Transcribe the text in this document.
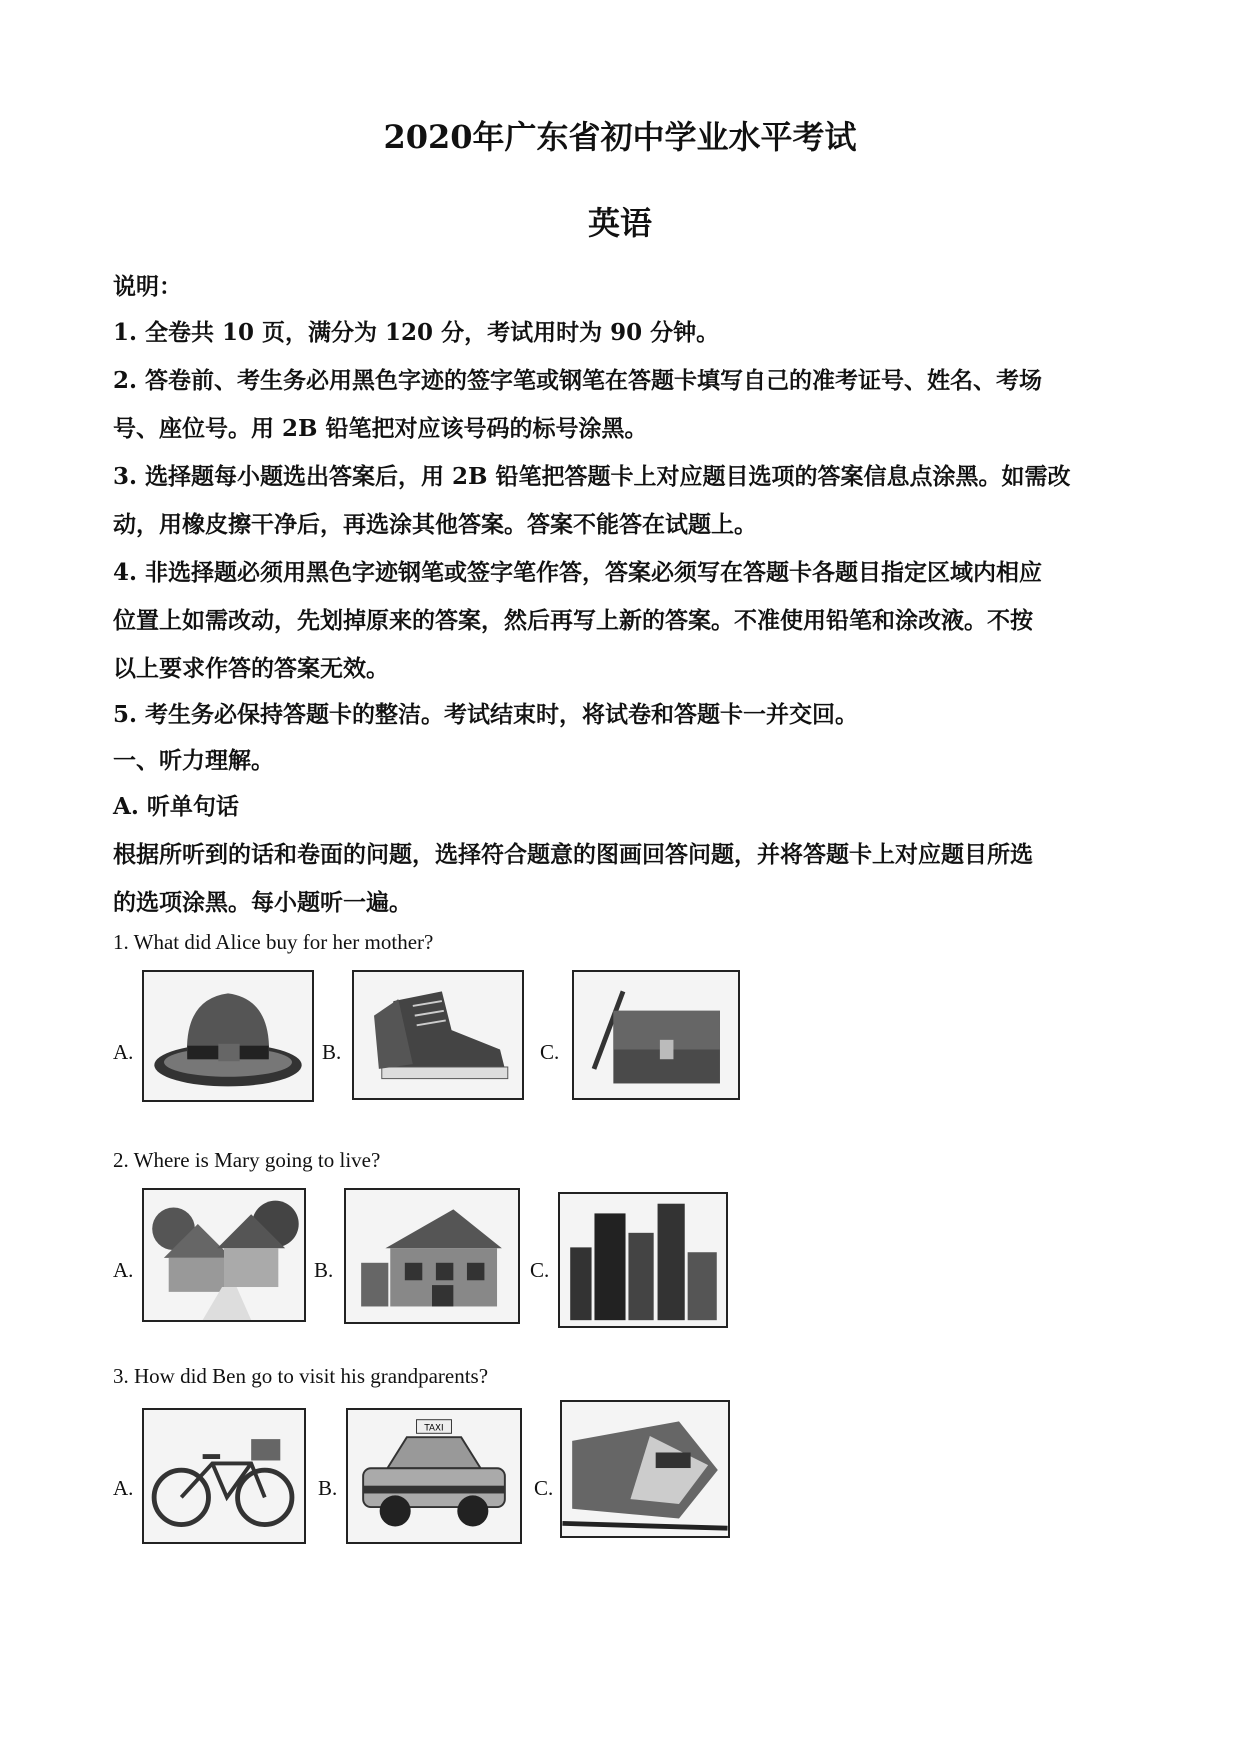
2020年广东省初中学业水平考试
英语
说明：
1. 全卷共 10 页，满分为 120 分，考试用时为 90 分钟。
2. 答卷前、考生务必用黑色字迹的签字笔或钢笔在答题卡填写自己的准考证号、姓名、考场
号、座位号。用 2B 铅笔把对应该号码的标号涂黑。
3. 选择题每小题选出答案后，用 2B 铅笔把答题卡上对应题目选项的答案信息点涂黑。如需改
动，用橡皮擦干净后，再选涂其他答案。答案不能答在试题上。
4. 非选择题必须用黑色字迹钢笔或签字笔作答，答案必须写在答题卡各题目指定区域内相应
位置上如需改动，先划掉原来的答案，然后再写上新的答案。不准使用铅笔和涂改液。不按
以上要求作答的答案无效。
5. 考生务必保持答题卡的整洁。考试结束时，将试卷和答题卡一并交回。
一、听力理解。
A. 听单句话
根据所听到的话和卷面的问题，选择符合题意的图画回答问题，并将答题卡上对应题目所选
的选项涂黑。每小题听一遍。
1. What did Alice buy for her mother?
A.	B.	C.
2. Where is Mary going to live?
A.	B.	C.
3. How did Ben go to visit his grandparents?
A.	B.
TAXI
C.
